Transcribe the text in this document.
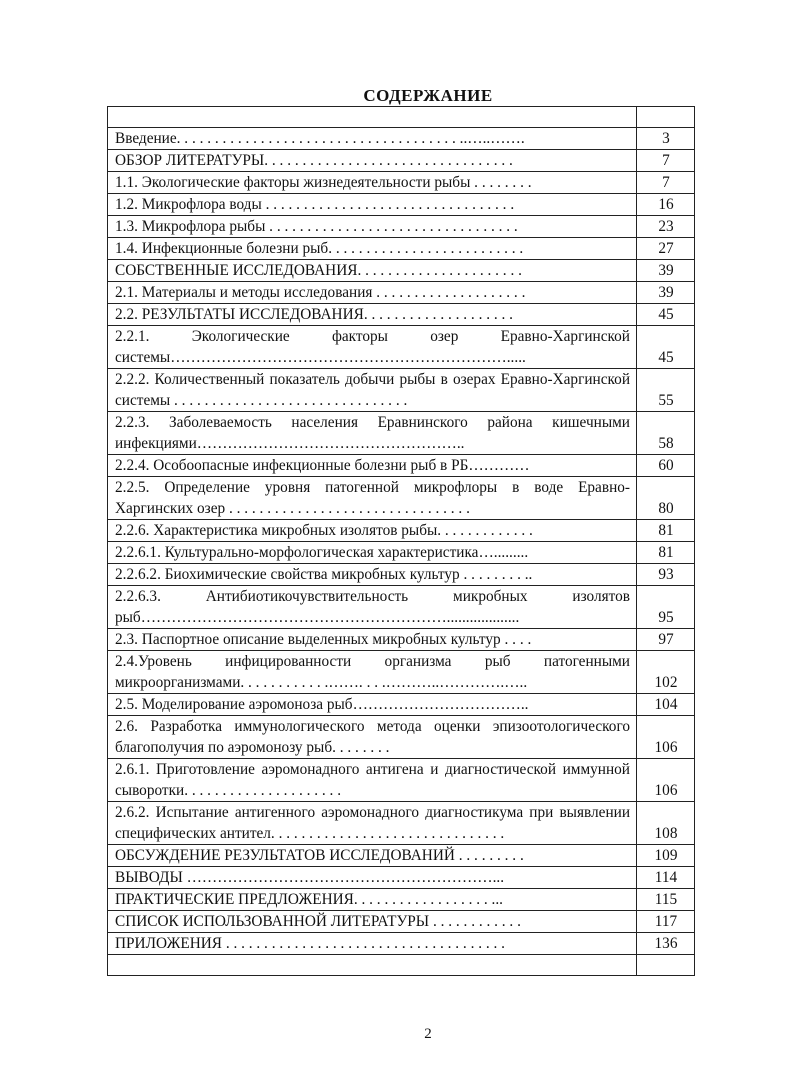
СОДЕРЖАНИЕ

Введение. . . . . . . . . . . . . . . . . . . . . . . . . . . . . . . . . . . . . ..…..…….	3
ОБЗОР ЛИТЕРАТУРЫ. . . . . . . . . . . . . . . . . . . . . . . . . . . . . . . . .	7
1.1. Экологические факторы жизнедеятельности рыбы . . . . . . . .	7
1.2. Микрофлора воды . . . . . . . . . . . . . . . . . . . . . . . . . . . . . . . . .	16
1.3. Микрофлора рыбы . . . . . . . . . . . . . . . . . . . . . . . . . . . . . . . . .	23
1.4. Инфекционные болезни рыб. . . . . . . . . . . . . . . . . . . . . . . . . .	27
СОБСТВЕННЫЕ ИССЛЕДОВАНИЯ. . . . . . . . . . . . . . . . . . . . . .	39
2.1. Материалы и методы исследования . . . . . . . . . . . . . . . . . . . .	39
2.2. РЕЗУЛЬТАТЫ ИССЛЕДОВАНИЯ. . . . . . . . . . . . . . . . . . . .	45
2.2.1. Экологические факторы озер Еравно-Харгинской системы………………………………………………………….....	45
2.2.2. Количественный показатель добычи рыбы в озерах Еравно-Харгинской системы . . . . . . . . . . . . . . . . . . . . . . . . . . . . . . .	55
2.2.3. Заболеваемость населения Еравнинского района кишечными инфекциями……………………………………………..	58
2.2.4. Особоопасные инфекционные болезни рыб в РБ…………	60
2.2.5. Определение уровня патогенной микрофлоры в воде Еравно-Харгинских озер . . . . . . . . . . . . . . . . . . . . . . . . . . . . . . . .	80
2.2.6. Характеристика микробных изолятов рыбы. . . . . . . . . . . . .	81
2.2.6.1. Культурально-морфологическая характеристика….........	81
2.2.6.2. Биохимические свойства микробных культур . . . . . . . . ..	93
2.2.6.3. Антибиотикочувствительность микробных изолятов рыб……………………………………………………...................	95
2.3. Паспортное описание выделенных микробных культур . . . .	97
2.4.Уровень инфицированности организма рыб патогенными микроорганизмами. . . . . . . . . . . .……. . . .………..………….…..	102
2.5. Моделирование аэромоноза рыб……………………………..	104
2.6. Разработка иммунологического метода оценки эпизоотологического благополучия по аэромонозу рыб. . . . . . . .	106
2.6.1. Приготовление аэромонадного антигена и диагностической иммунной сыворотки. . . . . . . . . . . . . . . . . . . . .	106
2.6.2. Испытание антигенного аэромонадного диагностикума при выявлении специфических антител. . . . . . . . . . . . . . . . . . . . . . . . . . . . . . .	108
ОБСУЖДЕНИЕ РЕЗУЛЬТАТОВ ИССЛЕДОВАНИЙ . . . . . . . . .	109
ВЫВОДЫ ……………………………………………………...	114
ПРАКТИЧЕСКИЕ ПРЕДЛОЖЕНИЯ. . . . . . . . . . . . . . . . . . ...	115
СПИСОК ИСПОЛЬЗОВАННОЙ ЛИТЕРАТУРЫ . . . . . . . . . . . .	117
ПРИЛОЖЕНИЯ . . . . . . . . . . . . . . . . . . . . . . . . . . . . . . . . . . . . .	136

2
